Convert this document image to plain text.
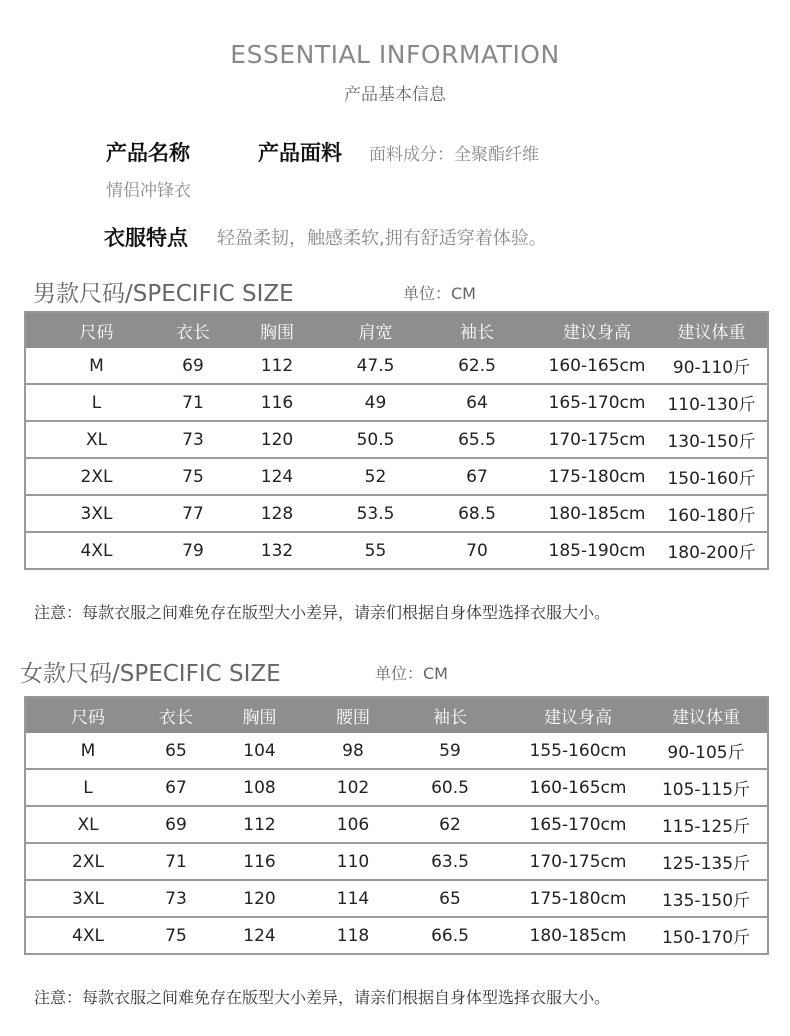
ESSENTIAL INFORMATION
产品基本信息
产品名称
情侣冲锋衣
产品面料 面料成分：全聚酯纤维
衣服特点 轻盈柔韧，触感柔软,拥有舒适穿着体验。
男款尺码/SPECIFIC SIZE	单位：CM
尺码	衣长	胸围	肩宽	袖长	建议身高	建议体重
M	69	112	47.5	62.5	160-165cm	90-110斤
L	71	116	49	64	165-170cm	110-130斤
XL	73	120	50.5	65.5	170-175cm	130-150斤
2XL	75	124	52	67	175-180cm	150-160斤
3XL	77	128	53.5	68.5	180-185cm	160-180斤
4XL	79	132	55	70	185-190cm	180-200斤
注意：每款衣服之间难免存在版型大小差异，请亲们根据自身体型选择衣服大小。
女款尺码/SPECIFIC SIZE	单位：CM
尺码	衣长	胸围	腰围	袖长	建议身高	建议体重
M	65	104	98	59	155-160cm	90-105斤
L	67	108	102	60.5	160-165cm	105-115斤
XL	69	112	106	62	165-170cm	115-125斤
2XL	71	116	110	63.5	170-175cm	125-135斤
3XL	73	120	114	65	175-180cm	135-150斤
4XL	75	124	118	66.5	180-185cm	150-170斤
注意：每款衣服之间难免存在版型大小差异，请亲们根据自身体型选择衣服大小。
